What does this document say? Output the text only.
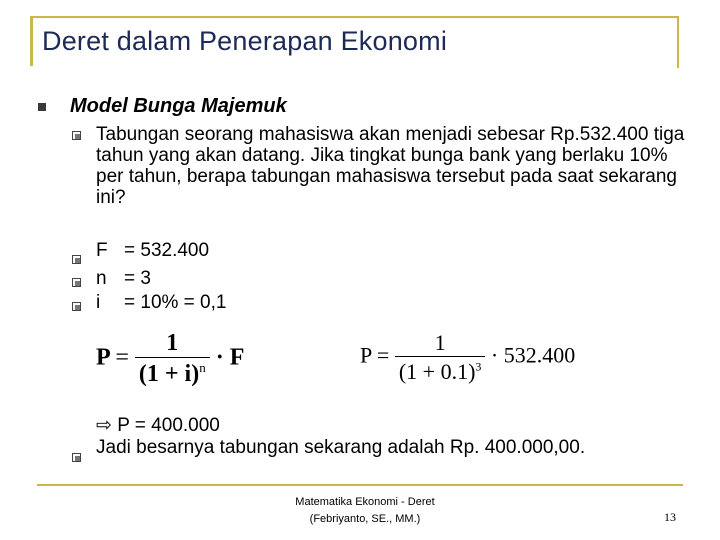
Deret dalam Penerapan Ekonomi
Model Bunga Majemuk
Tabungan seorang mahasiswa akan menjadi sebesar Rp.532.400 tiga tahun yang akan datang. Jika tingkat bunga bank yang berlaku 10% per tahun, berapa tabungan mahasiswa tersebut pada saat sekarang ini?
F = 532.400
n = 3
i = 10% = 0,1
$P = \frac{1}{(1 + i)^n} \cdot F$	$P = \frac{1}{(1 + 0.1)^3} \cdot 532.400$
⇨ P = 400.000
Jadi besarnya tabungan sekarang adalah Rp. 400.000,00.
Matematika Ekonomi - Deret
(Febriyanto, SE., MM.)	13
